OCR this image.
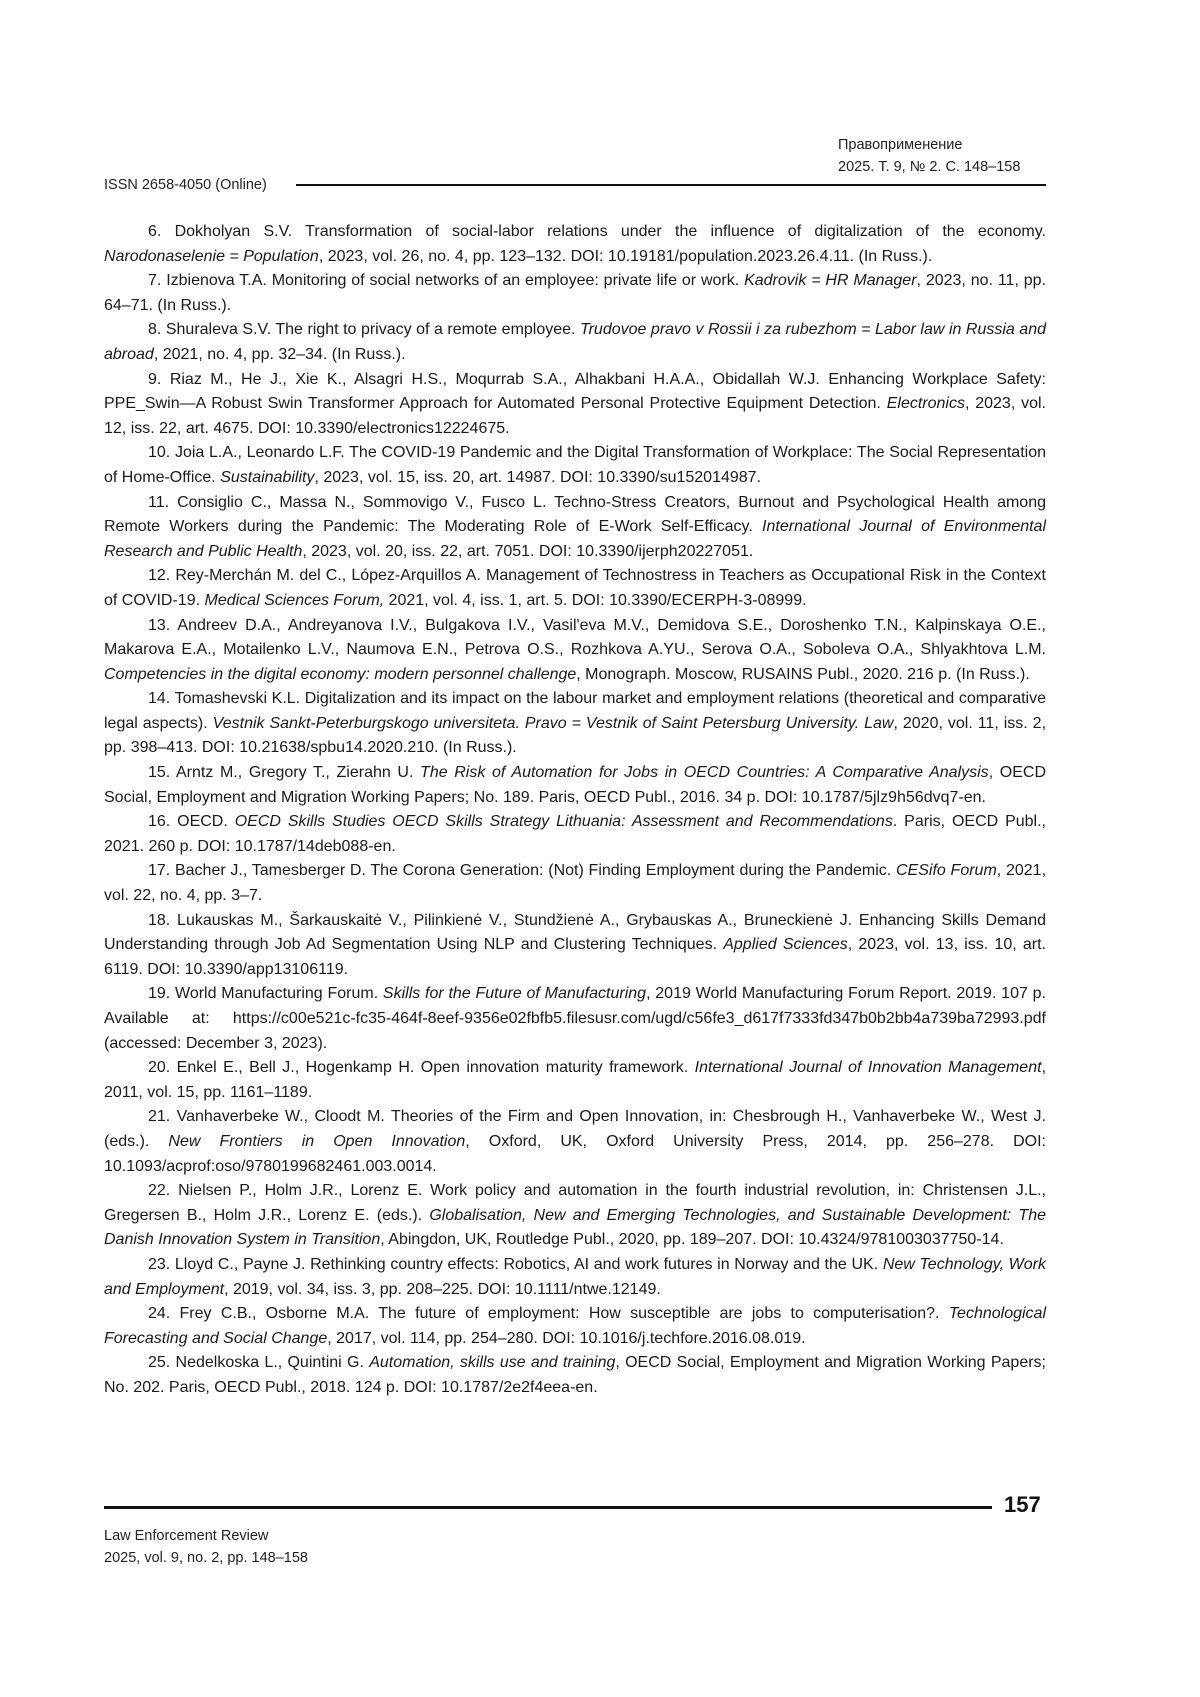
Правоприменение
2025. Т. 9, № 2. С. 148–158
ISSN 2658-4050 (Online)

6. Dokholyan S.V. Transformation of social-labor relations under the influence of digitalization of the economy. Narodonaselenie = Population, 2023, vol. 26, no. 4, pp. 123–132. DOI: 10.19181/population.2023.26.4.11. (In Russ.).

7. Izbienova T.A. Monitoring of social networks of an employee: private life or work. Kadrovik = HR Manager, 2023, no. 11, pp. 64–71. (In Russ.).

8. Shuraleva S.V. The right to privacy of a remote employee. Trudovoe pravo v Rossii i za rubezhom = Labor law in Russia and abroad, 2021, no. 4, pp. 32–34. (In Russ.).

9. Riaz M., He J., Xie K., Alsagri H.S., Moqurrab S.A., Alhakbani H.A.A., Obidallah W.J. Enhancing Workplace Safety: PPE_Swin—A Robust Swin Transformer Approach for Automated Personal Protective Equipment Detection. Electronics, 2023, vol. 12, iss. 22, art. 4675. DOI: 10.3390/electronics12224675.

10. Joia L.A., Leonardo L.F. The COVID-19 Pandemic and the Digital Transformation of Workplace: The Social Representation of Home-Office. Sustainability, 2023, vol. 15, iss. 20, art. 14987. DOI: 10.3390/su152014987.

11. Consiglio C., Massa N., Sommovigo V., Fusco L. Techno-Stress Creators, Burnout and Psychological Health among Remote Workers during the Pandemic: The Moderating Role of E-Work Self-Efficacy. International Journal of Environmental Research and Public Health, 2023, vol. 20, iss. 22, art. 7051. DOI: 10.3390/ijerph20227051.

12. Rey-Merchán M. del C., López-Arquillos A. Management of Technostress in Teachers as Occupational Risk in the Context of COVID-19. Medical Sciences Forum, 2021, vol. 4, iss. 1, art. 5. DOI: 10.3390/ECERPH-3-08999.

13. Andreev D.A., Andreyanova I.V., Bulgakova I.V., Vasil'eva M.V., Demidova S.E., Doroshenko T.N., Kalpinskaya O.E., Makarova E.A., Motailenko L.V., Naumova E.N., Petrova O.S., Rozhkova A.YU., Serova O.A., Soboleva O.A., Shlyakhtova L.M. Competencies in the digital economy: modern personnel challenge, Monograph. Moscow, RUSAINS Publ., 2020. 216 p. (In Russ.).

14. Tomashevski K.L. Digitalization and its impact on the labour market and employment relations (theoretical and comparative legal aspects). Vestnik Sankt-Peterburgskogo universiteta. Pravo = Vestnik of Saint Petersburg University. Law, 2020, vol. 11, iss. 2, pp. 398–413. DOI: 10.21638/spbu14.2020.210. (In Russ.).

15. Arntz M., Gregory T., Zierahn U. The Risk of Automation for Jobs in OECD Countries: A Comparative Analysis, OECD Social, Employment and Migration Working Papers; No. 189. Paris, OECD Publ., 2016. 34 p. DOI: 10.1787/5jlz9h56dvq7-en.

16. OECD. OECD Skills Studies OECD Skills Strategy Lithuania: Assessment and Recommendations. Paris, OECD Publ., 2021. 260 p. DOI: 10.1787/14deb088-en.

17. Bacher J., Tamesberger D. The Corona Generation: (Not) Finding Employment during the Pandemic. CESifo Forum, 2021, vol. 22, no. 4, pp. 3–7.

18. Lukauskas M., Šarkauskaitė V., Pilinkienė V., Stundžienė A., Grybauskas A., Bruneckienė J. Enhancing Skills Demand Understanding through Job Ad Segmentation Using NLP and Clustering Techniques. Applied Sciences, 2023, vol. 13, iss. 10, art. 6119. DOI: 10.3390/app13106119.

19. World Manufacturing Forum. Skills for the Future of Manufacturing, 2019 World Manufacturing Forum Report. 2019. 107 p. Available at: https://c00e521c-fc35-464f-8eef-9356e02fbfb5.filesusr.com/ugd/c56fe3_d617f7333fd347b0b2bb4a739ba72993.pdf (accessed: December 3, 2023).

20. Enkel E., Bell J., Hogenkamp H. Open innovation maturity framework. International Journal of Innovation Management, 2011, vol. 15, pp. 1161–1189.

21. Vanhaverbeke W., Cloodt M. Theories of the Firm and Open Innovation, in: Chesbrough H., Vanhaverbeke W., West J. (eds.). New Frontiers in Open Innovation, Oxford, UK, Oxford University Press, 2014, pp. 256–278. DOI: 10.1093/acprof:oso/9780199682461.003.0014.

22. Nielsen P., Holm J.R., Lorenz E. Work policy and automation in the fourth industrial revolution, in: Christensen J.L., Gregersen B., Holm J.R., Lorenz E. (eds.). Globalisation, New and Emerging Technologies, and Sustainable Development: The Danish Innovation System in Transition, Abingdon, UK, Routledge Publ., 2020, pp. 189–207. DOI: 10.4324/9781003037750-14.

23. Lloyd C., Payne J. Rethinking country effects: Robotics, AI and work futures in Norway and the UK. New Technology, Work and Employment, 2019, vol. 34, iss. 3, pp. 208–225. DOI: 10.1111/ntwe.12149.

24. Frey C.B., Osborne M.A. The future of employment: How susceptible are jobs to computerisation?. Technological Forecasting and Social Change, 2017, vol. 114, pp. 254–280. DOI: 10.1016/j.techfore.2016.08.019.

25. Nedelkoska L., Quintini G. Automation, skills use and training, OECD Social, Employment and Migration Working Papers; No. 202. Paris, OECD Publ., 2018. 124 p. DOI: 10.1787/2e2f4eea-en.

157
Law Enforcement Review
2025, vol. 9, no. 2, pp. 148–158
